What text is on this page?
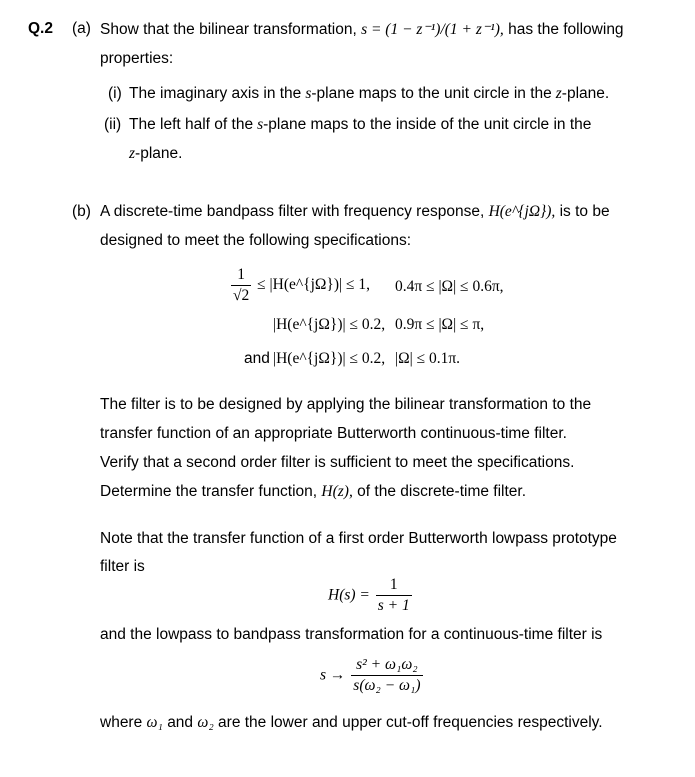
Q.2 (a) Show that the bilinear transformation, s = (1 − z⁻¹)/(1 + z⁻¹), has the following
properties:
(i) The imaginary axis in the s-plane maps to the unit circle in the z-plane.
(ii) The left half of the s-plane maps to the inside of the unit circle in the
z-plane.
(b) A discrete-time bandpass filter with frequency response, H(e^{jΩ}), is to be
designed to meet the following specifications:
$\frac{1}{√2}$ ≤ |H(e^{jΩ})| ≤ 1, 0.4π ≤ |Ω| ≤ 0.6π,
|H(e^{jΩ})| ≤ 0.2, 0.9π ≤ |Ω| ≤ π,
and |H(e^{jΩ})| ≤ 0.2, |Ω| ≤ 0.1π.
The filter is to be designed by applying the bilinear transformation to the
transfer function of an appropriate Butterworth continuous-time filter.
Verify that a second order filter is sufficient to meet the specifications.
Determine the transfer function, H(z), of the discrete-time filter.
Note that the transfer function of a first order Butterworth lowpass prototype
filter is
$H(s) = \frac{1}{s + 1}$
and the lowpass to bandpass transformation for a continuous-time filter is
$s \to \frac{\text{s² + ω₁ω₂}}{\text{s(ω₂ − ω₁)}}$
where ω₁ and ω₂ are the lower and upper cut-off frequencies respectively.
